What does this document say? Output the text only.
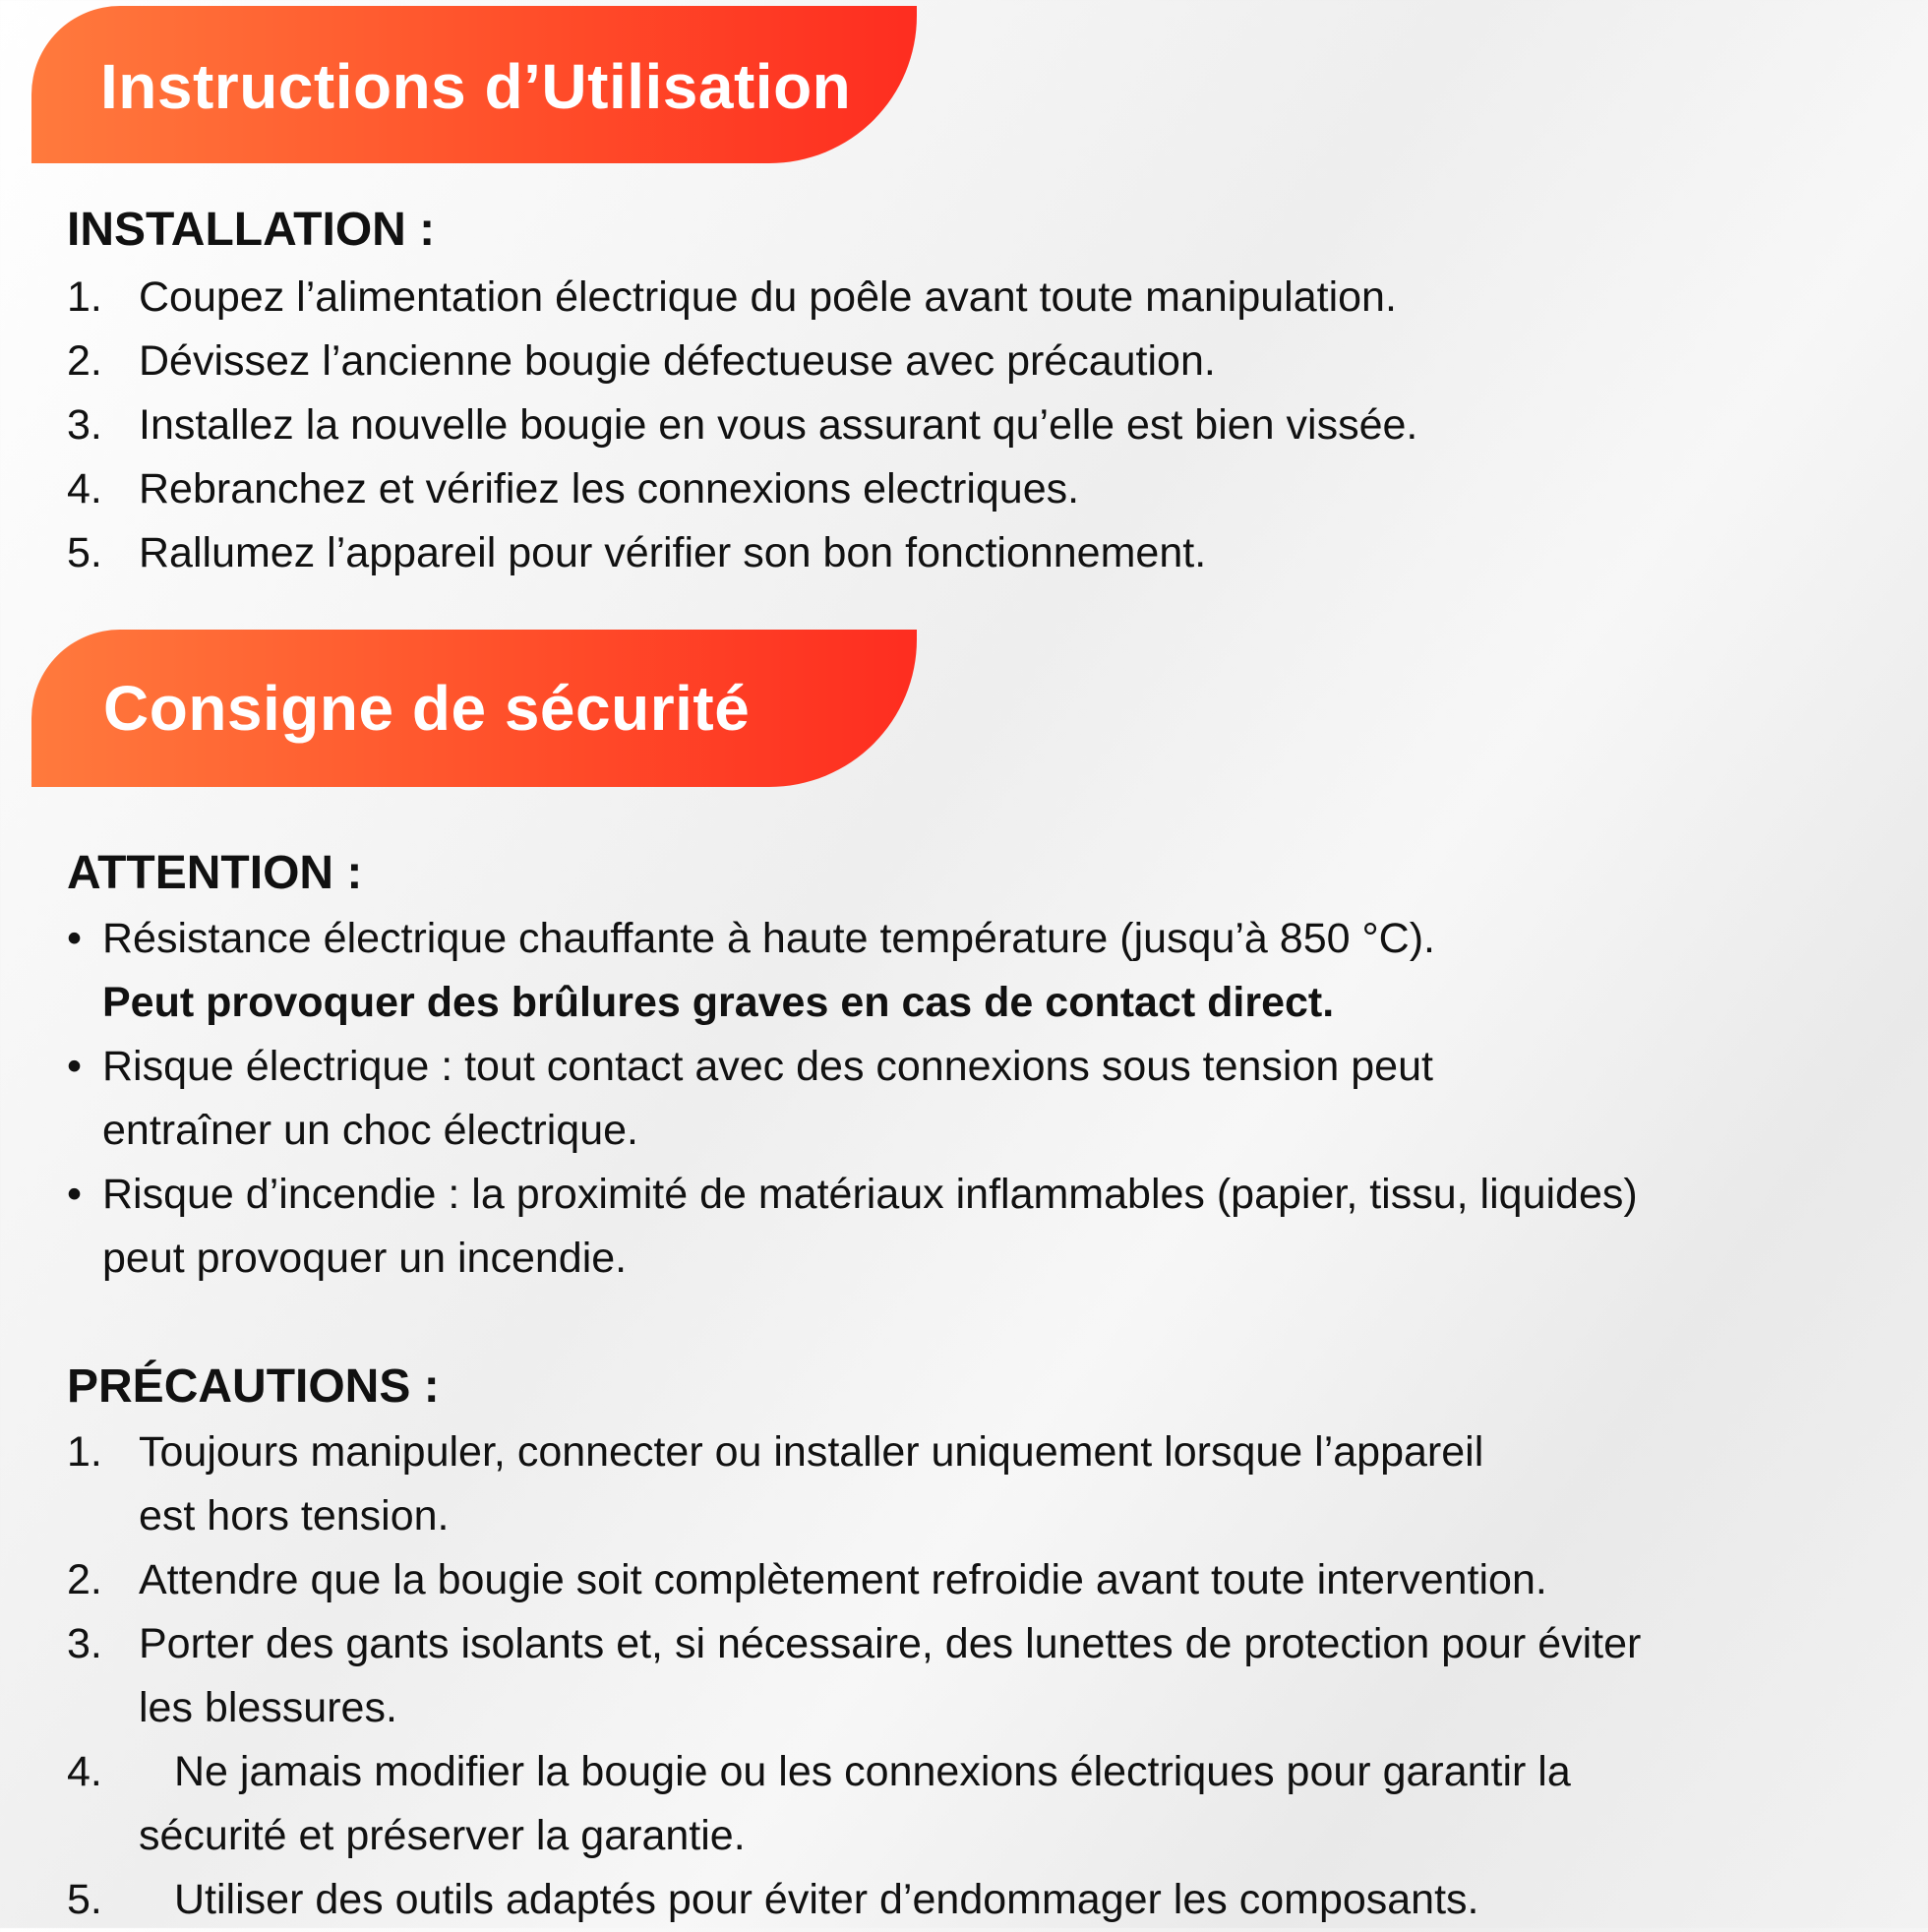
Instructions d’Utilisation
INSTALLATION :
1. Coupez l’alimentation électrique du poêle avant toute manipulation.
2. Dévissez l’ancienne bougie défectueuse avec précaution.
3. Installez la nouvelle bougie en vous assurant qu’elle est bien vissée.
4. Rebranchez et vérifiez les connexions electriques.
5. Rallumez l’appareil pour vérifier son bon fonctionnement.
Consigne de sécurité
ATTENTION :
• Résistance électrique chauffante à haute température (jusqu’à 850 °C).
Peut provoquer des brûlures graves en cas de contact direct.
• Risque électrique : tout contact avec des connexions sous tension peut
entraîner un choc électrique.
• Risque d’incendie : la proximité de matériaux inflammables (papier, tissu, liquides)
peut provoquer un incendie.
PRÉCAUTIONS :
1. Toujours manipuler, connecter ou installer uniquement lorsque l’appareil
est hors tension.
2. Attendre que la bougie soit complètement refroidie avant toute intervention.
3. Porter des gants isolants et, si nécessaire, des lunettes de protection pour éviter
les blessures.
4.	Ne jamais modifier la bougie ou les connexions électriques pour garantir la
sécurité et préserver la garantie.
5.	Utiliser des outils adaptés pour éviter d’endommager les composants.
